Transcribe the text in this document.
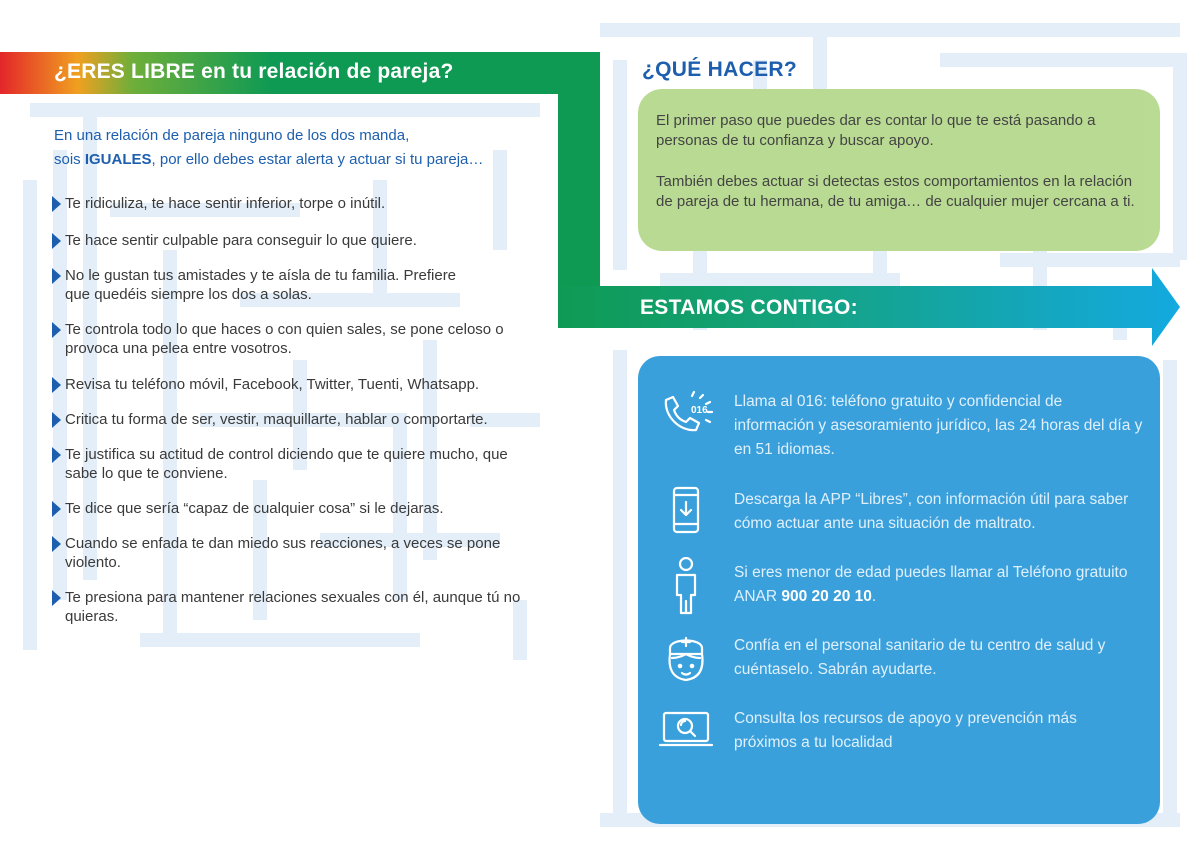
¿ERES LIBRE en tu relación de pareja?
En una relación de pareja ninguno de los dos manda,
sois IGUALES, por ello debes estar alerta y actuar si tu pareja…
Te ridiculiza, te hace sentir inferior, torpe o inútil.
Te hace sentir culpable para conseguir lo que quiere.
No le gustan tus amistades y te aísla de tu familia. Prefiere que quedéis siempre los dos a solas.
Te controla todo lo que haces o con quien sales, se pone celoso o provoca una pelea entre vosotros.
Revisa tu teléfono móvil, Facebook, Twitter, Tuenti, Whatsapp.
Critica tu forma de ser, vestir, maquillarte, hablar o comportarte.
Te justifica su actitud de control diciendo que te quiere mucho, que sabe lo que te conviene.
Te dice que sería “capaz de cualquier cosa” si le dejaras.
Cuando se enfada te dan miedo sus reacciones, a veces se pone violento.
Te presiona para mantener relaciones sexuales con él, aunque tú no quieras.
¿QUÉ HACER?

El primer paso que puedes dar es contar lo que te está pasando a personas de tu confianza y buscar apoyo.

También debes actuar si detectas estos comportamientos en la relación de pareja de tu hermana, de tu amiga… de cualquier mujer cercana a ti.

ESTAMOS CONTIGO:
016
Llama al 016: teléfono gratuito y confidencial de información y asesoramiento jurídico, las 24 horas del día y en 51 idiomas.
Descarga la APP “Libres”, con información útil para saber cómo actuar ante una situación de maltrato.
Si eres menor de edad puedes llamar al Teléfono gratuito ANAR 900 20 20 10.
Confía en el personal sanitario de tu centro de salud y cuéntaselo. Sabrán ayudarte.
Consulta los recursos de apoyo y prevención más próximos a tu localidad
